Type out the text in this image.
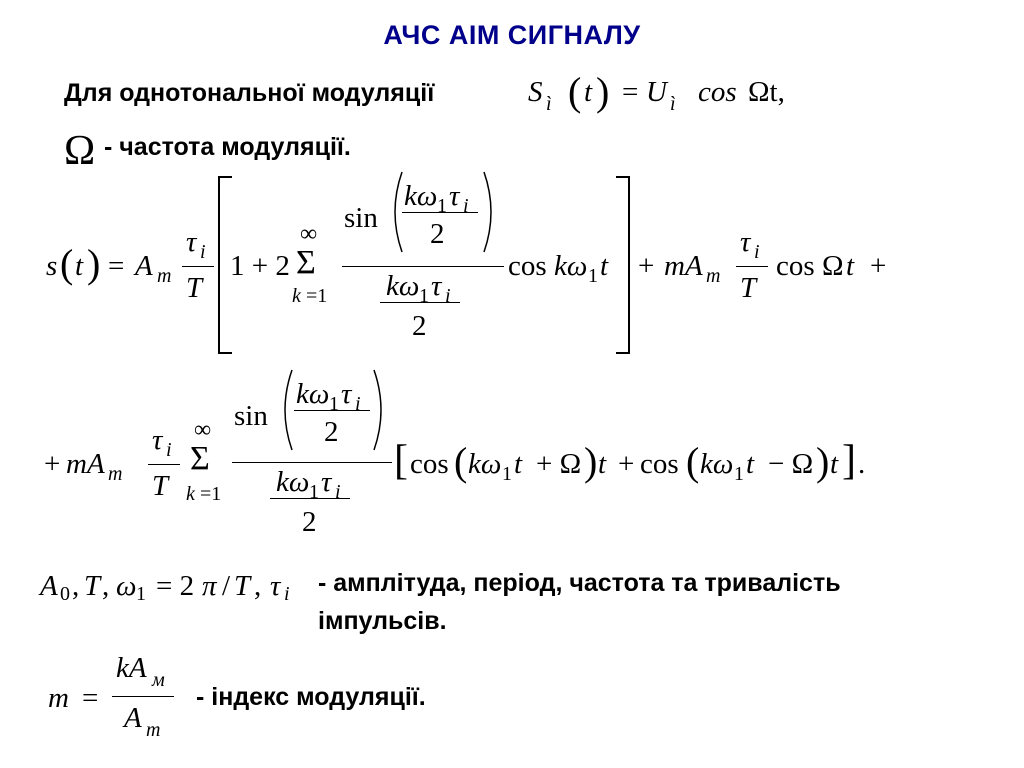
АЧС АІМ СИГНАЛУ
Для однотональної модуляції	S ì ( t ) = U ì cos Ωt,
Ω - частота модуляції.
s ( t ) = A m
τ i
T
1 + 2
∞
Σ
k =1
sin
kω 1 τ i
2
kω 1 τ i
2
cos kω 1 t + mA m
τ i
T
cos Ω t +
+ mA m
τ i
T
∞
Σ
k =1
sin
kω 1 τ i
2
kω 1 τ i
2
[ cos ( kω 1 t + Ω ) t + cos ( kω 1 t − Ω ) t ] .
A 0 , T , ω 1 = 2 π / T , τ i - амплітуда, період, частота та тривалість
імпульсів.
m =
kA м
A m
- індекс модуляції.
